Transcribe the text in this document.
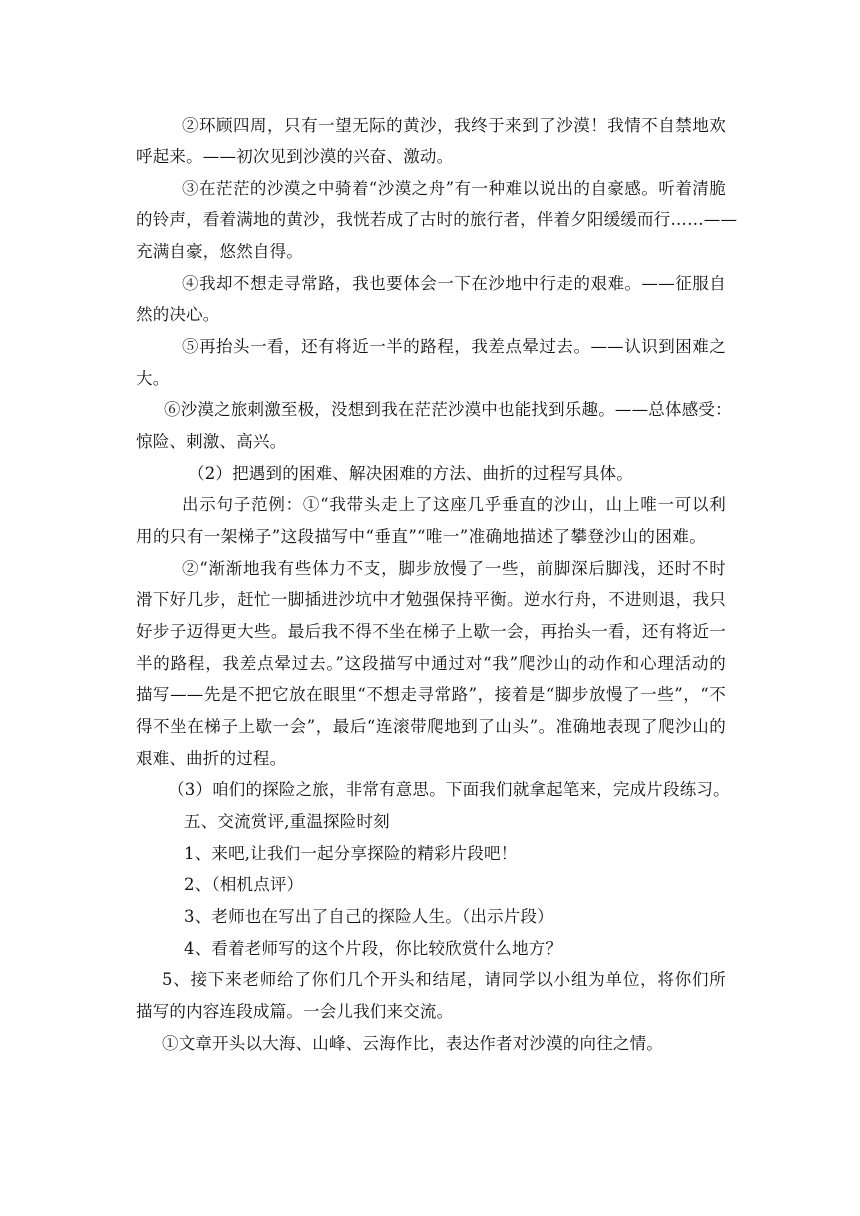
②环顾四周，只有一望无际的黄沙，我终于来到了沙漠！我情不自禁地欢
呼起来。——初次见到沙漠的兴奋、激动。
③在茫茫的沙漠之中骑着“沙漠之舟”有一种难以说出的自豪感。听着清脆
的铃声，看着满地的黄沙，我恍若成了古时的旅行者，伴着夕阳缓缓而行……——
充满自豪，悠然自得。
④我却不想走寻常路，我也要体会一下在沙地中行走的艰难。——征服自
然的决心。
⑤再抬头一看，还有将近一半的路程，我差点晕过去。——认识到困难之
大。
⑥沙漠之旅刺激至极，没想到我在茫茫沙漠中也能找到乐趣。——总体感受：
惊险、刺激、高兴。
（2）把遇到的困难、解决困难的方法、曲折的过程写具体。
出示句子范例：①“我带头走上了这座几乎垂直的沙山，山上唯一可以利
用的只有一架梯子”这段描写中“垂直”“唯一”准确地描述了攀登沙山的困难。
②“渐渐地我有些体力不支，脚步放慢了一些，前脚深后脚浅，还时不时
滑下好几步，赶忙一脚插进沙坑中才勉强保持平衡。逆水行舟，不进则退，我只
好步子迈得更大些。最后我不得不坐在梯子上歇一会，再抬头一看，还有将近一
半的路程，我差点晕过去。”这段描写中通过对“我”爬沙山的动作和心理活动的
描写——先是不把它放在眼里“不想走寻常路”，接着是“脚步放慢了一些”，“不
得不坐在梯子上歇一会”，最后“连滚带爬地到了山头”。准确地表现了爬沙山的
艰难、曲折的过程。
（3）咱们的探险之旅，非常有意思。下面我们就拿起笔来，完成片段练习。
五、交流赏评,重温探险时刻
1、来吧,让我们一起分享探险的精彩片段吧！
2、（相机点评）
3、老师也在写出了自己的探险人生。（出示片段）
4、看着老师写的这个片段，你比较欣赏什么地方？
5、接下来老师给了你们几个开头和结尾，请同学以小组为单位，将你们所
描写的内容连段成篇。一会儿我们来交流。
①文章开头以大海、山峰、云海作比，表达作者对沙漠的向往之情。
